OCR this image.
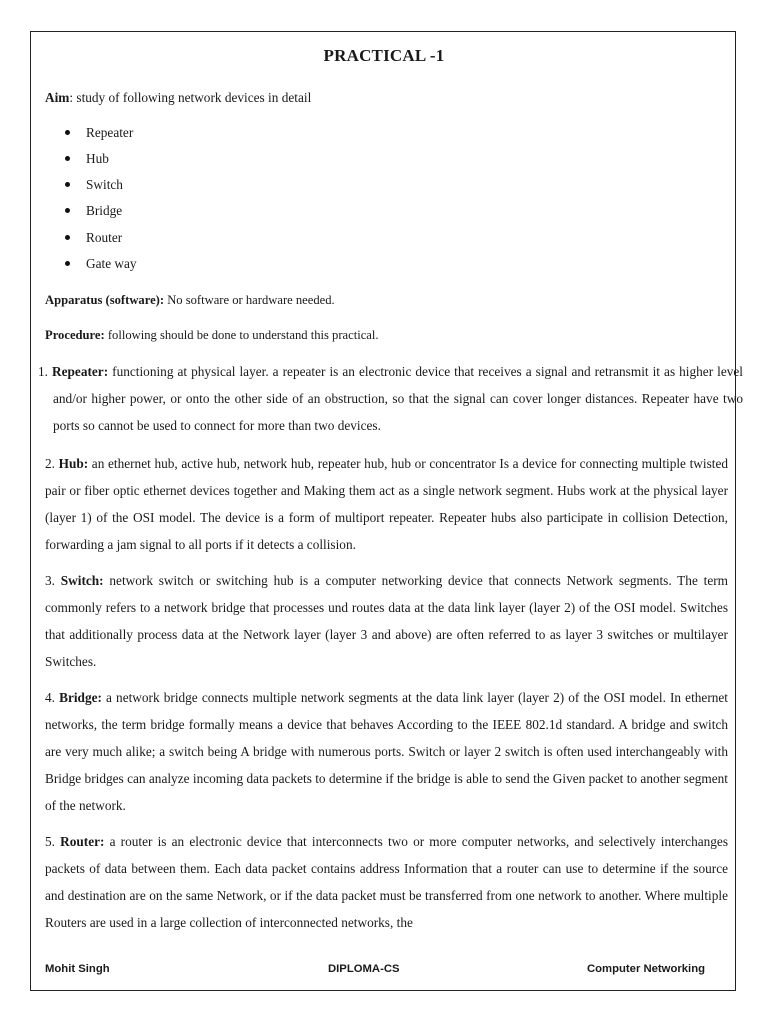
PRACTICAL -1
Aim: study of following network devices in detail
Repeater
Hub
Switch
Bridge
Router
Gate way
Apparatus (software): No software or hardware needed.
Procedure: following should be done to understand this practical.
1. Repeater: functioning at physical layer. a repeater is an electronic device that receives a signal and retransmit it as higher level and/or higher power, or onto the other side of an obstruction, so that the signal can cover longer distances. Repeater have two ports so cannot be used to connect for more than two devices.
2. Hub: an ethernet hub, active hub, network hub, repeater hub, hub or concentrator Is a device for connecting multiple twisted pair or fiber optic ethernet devices together and Making them act as a single network segment. Hubs work at the physical layer (layer 1) of the OSI model. The device is a form of multiport repeater. Repeater hubs also participate in collision Detection, forwarding a jam signal to all ports if it detects a collision.
3. Switch: network switch or switching hub is a computer networking device that connects Network segments. The term commonly refers to a network bridge that processes und routes data at the data link layer (layer 2) of the OSI model. Switches that additionally process data at the Network layer (layer 3 and above) are often referred to as layer 3 switches or multilayer Switches.
4. Bridge: a network bridge connects multiple network segments at the data link layer (layer 2) of the OSI model. In ethernet networks, the term bridge formally means a device that behaves According to the IEEE 802.1d standard. A bridge and switch are very much alike; a switch being A bridge with numerous ports. Switch or layer 2 switch is often used interchangeably with Bridge bridges can analyze incoming data packets to determine if the bridge is able to send the Given packet to another segment of the network.
5. Router: a router is an electronic device that interconnects two or more computer networks, and selectively interchanges packets of data between them. Each data packet contains address Information that a router can use to determine if the source and destination are on the same Network, or if the data packet must be transferred from one network to another. Where multiple Routers are used in a large collection of interconnected networks, the
Mohit Singh	DIPLOMA-CS	Computer Networking
